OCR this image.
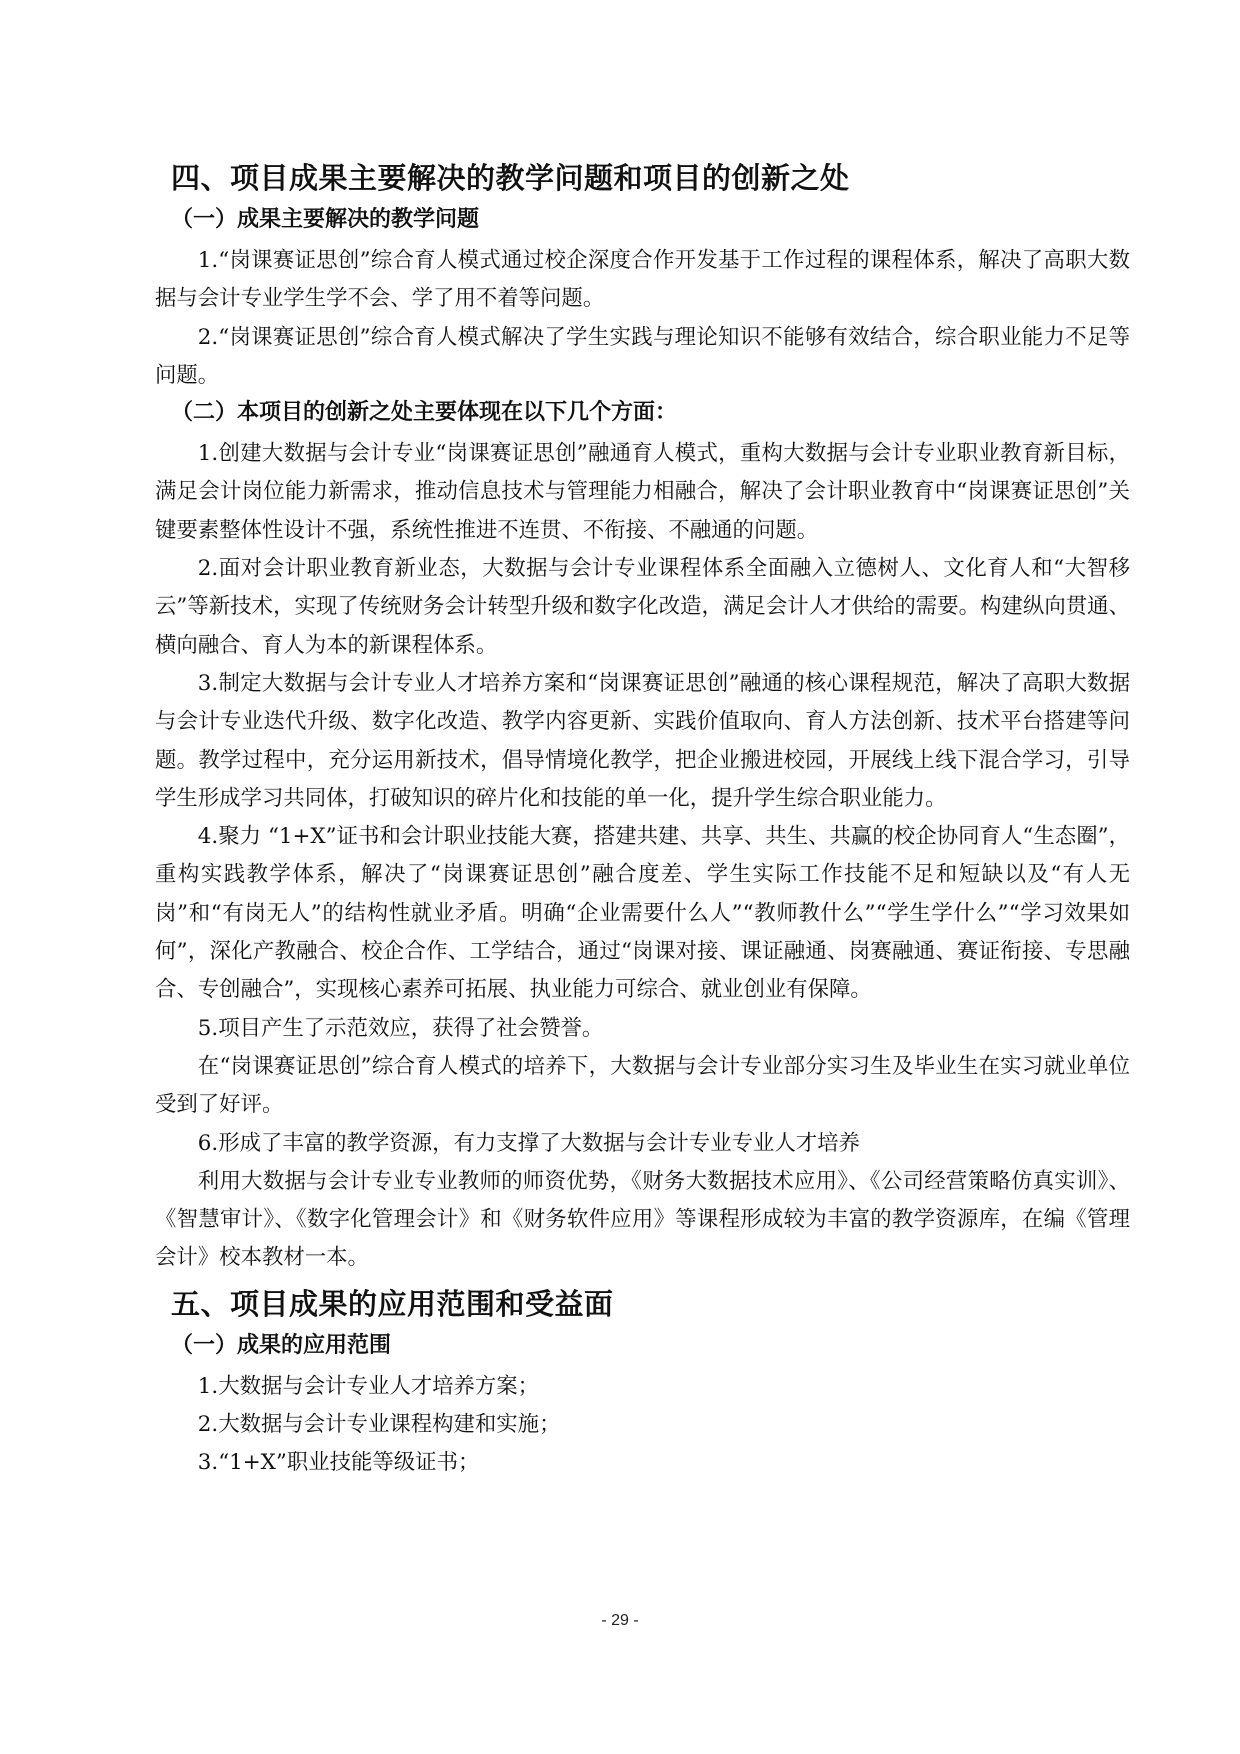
四、项目成果主要解决的教学问题和项目的创新之处
（一）成果主要解决的教学问题

1.“岗课赛证思创”综合育人模式通过校企深度合作开发基于工作过程的课程体系，解决了高职大数据与会计专业学生学不会、学了用不着等问题。

2.“岗课赛证思创”综合育人模式解决了学生实践与理论知识不能够有效结合，综合职业能力不足等问题。

（二）本项目的创新之处主要体现在以下几个方面：

1.创建大数据与会计专业“岗课赛证思创”融通育人模式，重构大数据与会计专业职业教育新目标，满足会计岗位能力新需求，推动信息技术与管理能力相融合，解决了会计职业教育中“岗课赛证思创”关键要素整体性设计不强，系统性推进不连贯、不衔接、不融通的问题。

2.面对会计职业教育新业态，大数据与会计专业课程体系全面融入立德树人、文化育人和“大智移云”等新技术，实现了传统财务会计转型升级和数字化改造，满足会计人才供给的需要。构建纵向贯通、横向融合、育人为本的新课程体系。

3.制定大数据与会计专业人才培养方案和“岗课赛证思创”融通的核心课程规范，解决了高职大数据与会计专业迭代升级、数字化改造、教学内容更新、实践价值取向、育人方法创新、技术平台搭建等问题。教学过程中，充分运用新技术，倡导情境化教学，把企业搬进校园，开展线上线下混合学习，引导学生形成学习共同体，打破知识的碎片化和技能的单一化，提升学生综合职业能力。

4.聚力 “1+X”证书和会计职业技能大赛，搭建共建、共享、共生、共赢的校企协同育人“生态圈”，重构实践教学体系，解决了“岗课赛证思创”融合度差、学生实际工作技能不足和短缺以及“有人无岗”和“有岗无人”的结构性就业矛盾。明确“企业需要什么人”“教师教什么”“学生学什么”“学习效果如何”，深化产教融合、校企合作、工学结合，通过“岗课对接、课证融通、岗赛融通、赛证衔接、专思融合、专创融合”，实现核心素养可拓展、执业能力可综合、就业创业有保障。

5.项目产生了示范效应，获得了社会赞誉。

在“岗课赛证思创”综合育人模式的培养下，大数据与会计专业部分实习生及毕业生在实习就业单位受到了好评。

6.形成了丰富的教学资源，有力支撑了大数据与会计专业专业人才培养

利用大数据与会计专业专业教师的师资优势，《财务大数据技术应用》、《公司经营策略仿真实训》、《智慧审计》、《数字化管理会计》和《财务软件应用》等课程形成较为丰富的教学资源库，在编《管理会计》校本教材一本。

五、项目成果的应用范围和受益面
（一）成果的应用范围

1.大数据与会计专业人才培养方案；

2.大数据与会计专业课程构建和实施；

3.“1+X”职业技能等级证书；

- 29 -
